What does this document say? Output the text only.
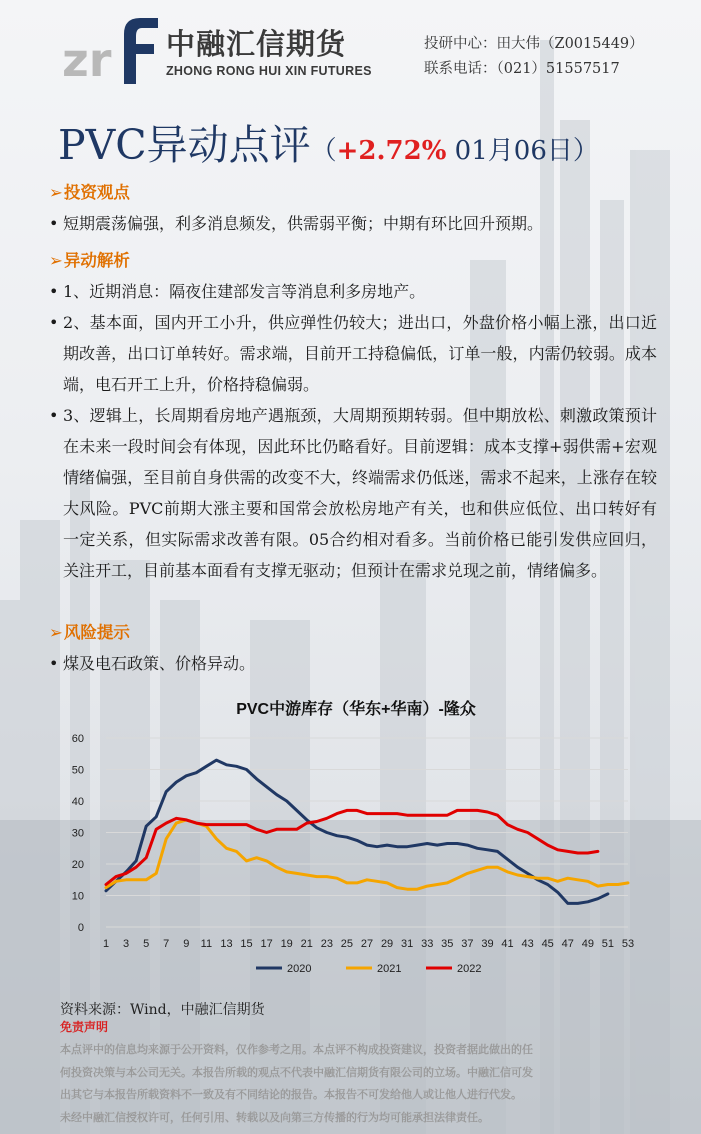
zr 中融汇信期货
ZHONG RONG HUI XIN FUTURES
投研中心：田大伟（Z0015449）
联系电话：（021）51557517
PVC异动点评（+2.72% 01月06日）
➢投资观点
• 短期震荡偏强，利多消息频发，供需弱平衡；中期有环比回升预期。
➢异动解析
• 1、近期消息：隔夜住建部发言等消息利多房地产。
• 2、基本面，国内开工小升，供应弹性仍较大；进出口，外盘价格小幅上涨，出口近期改善，出口订单转好。需求端，目前开工持稳偏低，订单一般，内需仍较弱。成本端，电石开工上升，价格持稳偏弱。
• 3、逻辑上，长周期看房地产遇瓶颈，大周期预期转弱。但中期放松、刺激政策预计在未来一段时间会有体现，因此环比仍略看好。目前逻辑：成本支撑+弱供需+宏观情绪偏强，至目前自身供需的改变不大，终端需求仍低迷，需求不起来，上涨存在较大风险。PVC前期大涨主要和国常会放松房地产有关，也和供应低位、出口转好有一定关系，但实际需求改善有限。05合约相对看多。当前价格已能引发供应回归，关注开工，目前基本面看有支撑无驱动；但预计在需求兑现之前，情绪偏多。
➢风险提示
• 煤及电石政策、价格异动。
PVC中游库存（华东+华南）-隆众
0
10
20
30
40
50
60
1 3 5 7 9 11 13 15 17 19 21 23 25 27 29 31 33 35 37 39 41 43 45 47 49 51 53
2020	2021	2022
资料来源：Wind，中融汇信期货
免责声明
本点评中的信息均来源于公开资料，仅作参考之用。本点评不构成投资建议，投资者据此做出的任
何投资决策与本公司无关。本报告所载的观点不代表中融汇信期货有限公司的立场。中融汇信可发
出其它与本报告所载资料不一致及有不同结论的报告。本报告不可发给他人或让他人进行代发。
未经中融汇信授权许可，任何引用、转载以及向第三方传播的行为均可能承担法律责任。
